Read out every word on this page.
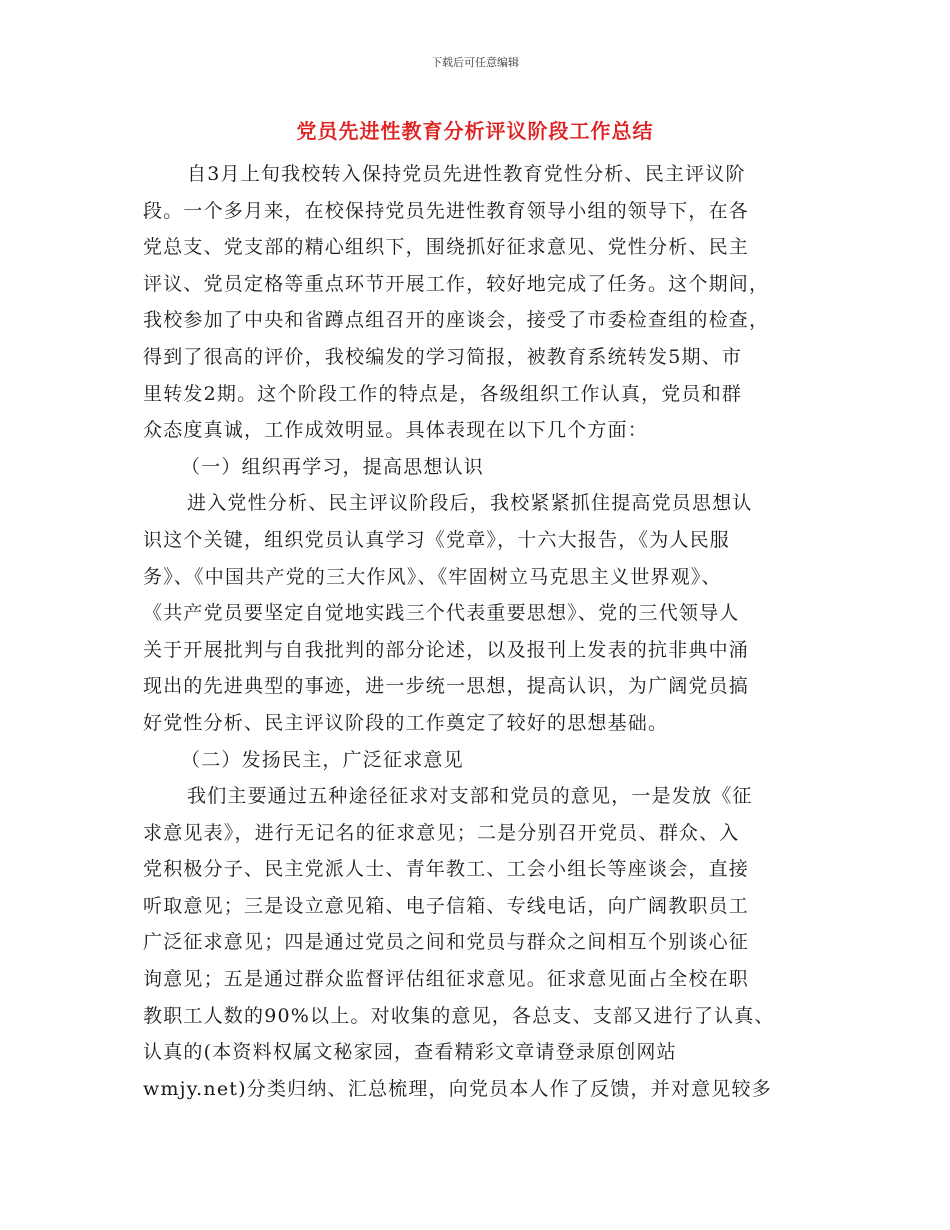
下载后可任意编辑
党员先进性教育分析评议阶段工作总结
自3月上旬我校转入保持党员先进性教育党性分析、民主评议阶
段。一个多月来，在校保持党员先进性教育领导小组的领导下，在各
党总支、党支部的精心组织下，围绕抓好征求意见、党性分析、民主
评议、党员定格等重点环节开展工作，较好地完成了任务。这个期间，
我校参加了中央和省蹲点组召开的座谈会，接受了市委检查组的检查，
得到了很高的评价，我校编发的学习简报，被教育系统转发5期、市
里转发2期。这个阶段工作的特点是，各级组织工作认真，党员和群
众态度真诚，工作成效明显。具体表现在以下几个方面：
（一）组织再学习，提高思想认识
进入党性分析、民主评议阶段后，我校紧紧抓住提高党员思想认
识这个关键，组织党员认真学习《党章》，十六大报告，《为人民服
务》、《中国共产党的三大作风》、《牢固树立马克思主义世界观》、
《共产党员要坚定自觉地实践三个代表重要思想》、党的三代领导人
关于开展批判与自我批判的部分论述，以及报刊上发表的抗非典中涌
现出的先进典型的事迹，进一步统一思想，提高认识，为广阔党员搞
好党性分析、民主评议阶段的工作奠定了较好的思想基础。
（二）发扬民主，广泛征求意见
我们主要通过五种途径征求对支部和党员的意见，一是发放《征
求意见表》，进行无记名的征求意见；二是分别召开党员、群众、入
党积极分子、民主党派人士、青年教工、工会小组长等座谈会，直接
听取意见；三是设立意见箱、电子信箱、专线电话，向广阔教职员工
广泛征求意见；四是通过党员之间和党员与群众之间相互个别谈心征
询意见；五是通过群众监督评估组征求意见。征求意见面占全校在职
教职工人数的90%以上。对收集的意见，各总支、支部又进行了认真、
认真的(本资料权属文秘家园，查看精彩文章请登录原创网站
wmjy.net)分类归纳、汇总梳理，向党员本人作了反馈，并对意见较多
